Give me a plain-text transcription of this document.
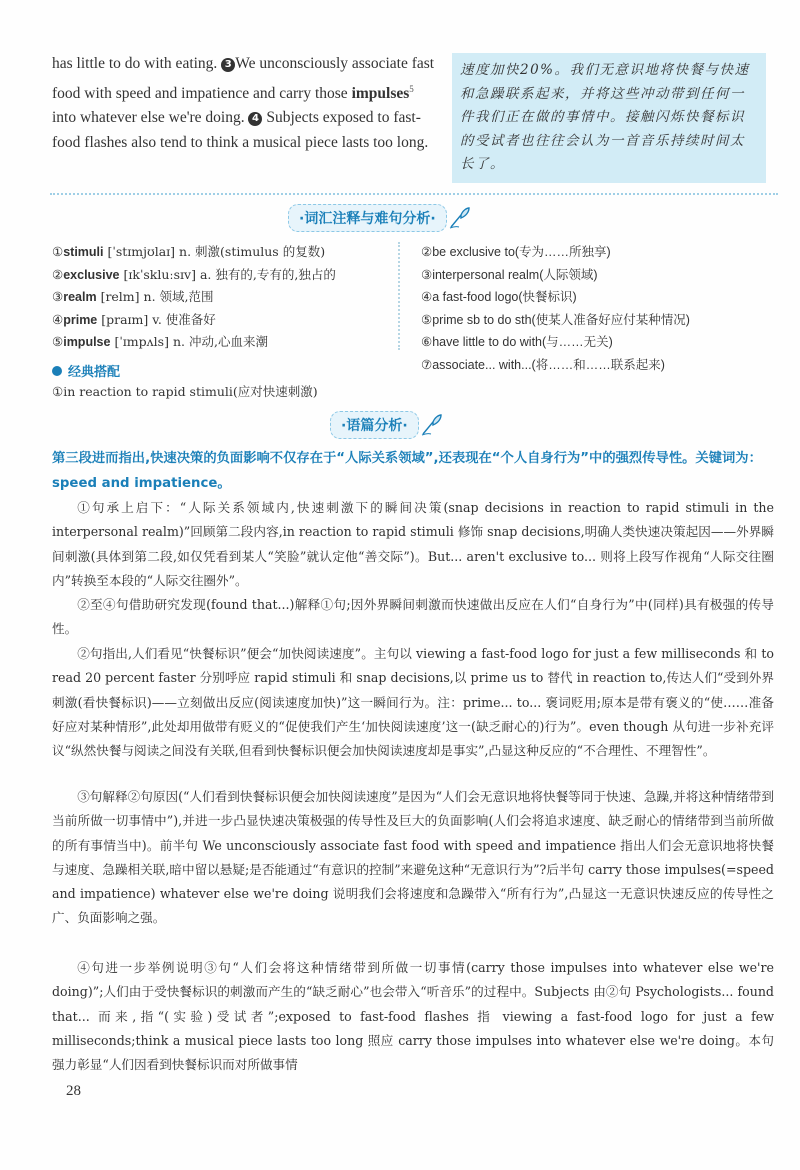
has little to do with eating. 3 We unconsciously associate fast food with speed and impatience and carry those impulses$^5$ into whatever else we're doing. 4 Subjects exposed to fast-food flashes also tend to think a musical piece lasts too long.

速度加快20%。我们无意识地将快餐与快速和急躁联系起来，并将这些冲动带到任何一件我们正在做的事情中。接触闪烁快餐标识的受试者也往往会认为一首音乐持续时间太长了。

·词汇注释与难句分析·
①stimuli [ˈstɪmjʊlaɪ] n. 刺激(stimulus 的复数)
②exclusive [ɪkˈskluːsɪv] a. 独有的,专有的,独占的
③realm [relm] n. 领域,范围
④prime [praɪm] v. 使准备好
⑤impulse [ˈɪmpʌls] n. 冲动,心血来潮
②be exclusive to(专为……所独享)
③interpersonal realm(人际领域)
④a fast-food logo(快餐标识)
⑤prime sb to do sth(使某人准备好应付某种情况)
⑥have little to do with(与……无关)
⑦associate... with...(将……和……联系起来)
经典搭配
①in reaction to rapid stimuli(应对快速刺激)
·语篇分析·
第三段进而指出,快速决策的负面影响不仅存在于“人际关系领域”,还表现在“个人自身行为”中的强烈传导性。关键词为：speed and impatience。
①句承上启下：“人际关系领域内,快速刺激下的瞬间决策(snap decisions in reaction to rapid stimuli in the interpersonal realm)”回顾第二段内容,in reaction to rapid stimuli 修饰 snap decisions,明确人类快速决策起因——外界瞬间刺激(具体到第二段,如仅凭看到某人“笑脸”就认定他“善交际”)。But... aren't exclusive to... 则将上段写作视角“人际交往圈内”转换至本段的“人际交往圈外”。
②至④句借助研究发现(found that...)解释①句;因外界瞬间刺激而快速做出反应在人们“自身行为”中(同样)具有极强的传导性。
②句指出,人们看见“快餐标识”便会“加快阅读速度”。主句以 viewing a fast-food logo for just a few milliseconds 和 to read 20 percent faster 分别呼应 rapid stimuli 和 snap decisions,以 prime us to 替代 in reaction to,传达人们“受到外界刺激(看快餐标识)——立刻做出反应(阅读速度加快)”这一瞬间行为。注：prime... to... 褒词贬用;原本是带有褒义的“使……准备好应对某种情形”,此处却用做带有贬义的“促使我们产生‘加快阅读速度’这一(缺乏耐心的)行为”。even though 从句进一步补充评议“纵然快餐与阅读之间没有关联,但看到快餐标识便会加快阅读速度却是事实”,凸显这种反应的“不合理性、不理智性”。
③句解释②句原因(“人们看到快餐标识便会加快阅读速度”是因为“人们会无意识地将快餐等同于快速、急躁,并将这种情绪带到当前所做一切事情中”),并进一步凸显快速决策极强的传导性及巨大的负面影响(人们会将追求速度、缺乏耐心的情绪带到当前所做的所有事情当中)。前半句 We unconsciously associate fast food with speed and impatience 指出人们会无意识地将快餐与速度、急躁相关联,暗中留以悬疑;是否能通过“有意识的控制”来避免这种“无意识行为”?后半句 carry those impulses(=speed and impatience) whatever else we're doing 说明我们会将速度和急躁带入“所有行为”,凸显这一无意识快速反应的传导性之广、负面影响之强。
④句进一步举例说明③句“人们会将这种情绪带到所做一切事情(carry those impulses into whatever else we're doing)”;人们由于受快餐标识的刺激而产生的“缺乏耐心”也会带入“听音乐”的过程中。Subjects 由②句 Psychologists... found that... 而来,指“(实验)受试者”;exposed to fast-food flashes 指 viewing a fast-food logo for just a few milliseconds;think a musical piece lasts too long 照应 carry those impulses into whatever else we're doing。本句强力彰显“人们因看到快餐标识而对所做事情
28
